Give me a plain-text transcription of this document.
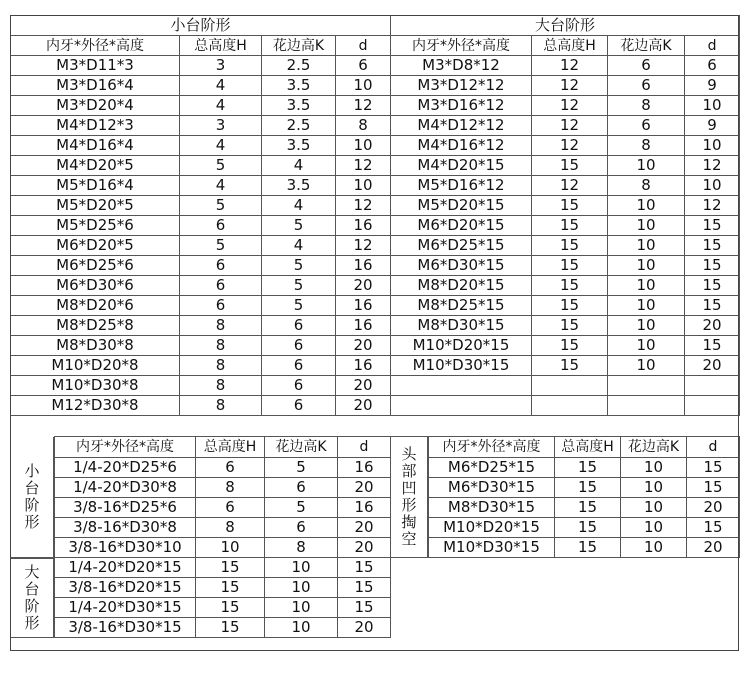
小台阶形			
内牙*外径*高度	总高度H	花边高K	d
M3*D11*3	3	2.5	6
M3*D16*4	4	3.5	10
M3*D20*4	4	3.5	12
M4*D12*3	3	2.5	8
M4*D16*4	4	3.5	10
M4*D20*5	5	4	12
M5*D16*4	4	3.5	10
M5*D20*5	5	4	12
M5*D25*6	6	5	16
M6*D20*5	5	4	12
M6*D25*6	6	5	16
M6*D30*6	6	5	20
M8*D20*6	6	5	16
M8*D25*8	8	6	16
M8*D30*8	8	6	20
M10*D20*8	8	6	16
M10*D30*8	8	6	20
M12*D30*8	8	6	20
大台阶形			
内牙*外径*高度	总高度H	花边高K	d
M3*D8*12	12	6	6
M3*D12*12	12	6	9
M3*D16*12	12	8	10
M4*D12*12	12	6	9
M4*D16*12	12	8	10
M4*D20*15	15	10	12
M5*D16*12	12	8	10
M5*D20*15	15	10	12
M6*D20*15	15	10	15
M6*D25*15	15	10	15
M6*D30*15	15	10	15
M8*D20*15	15	10	15
M8*D25*15	15	10	15
M8*D30*15	15	10	20
M10*D20*15	15	10	15
M10*D30*15	15	10	20

小
台
阶
形
大
台
阶
形
内牙*外径*高度	总高度H	花边高K	d
1/4-20*D25*6	6	5	16
1/4-20*D30*8	8	6	20
3/8-16*D25*6	6	5	16
3/8-16*D30*8	8	6	20
3/8-16*D30*10	10	8	20
1/4-20*D20*15	15	10	15
3/8-16*D20*15	15	10	15
1/4-20*D30*15	15	10	15
3/8-16*D30*15	15	10	20
头
部
凹
形
掏
空
内牙*外径*高度	总高度H	花边高K	d
M6*D25*15	15	10	15
M6*D30*15	15	10	15
M8*D30*15	15	10	20
M10*D20*15	15	10	15
M10*D30*15	15	10	20
